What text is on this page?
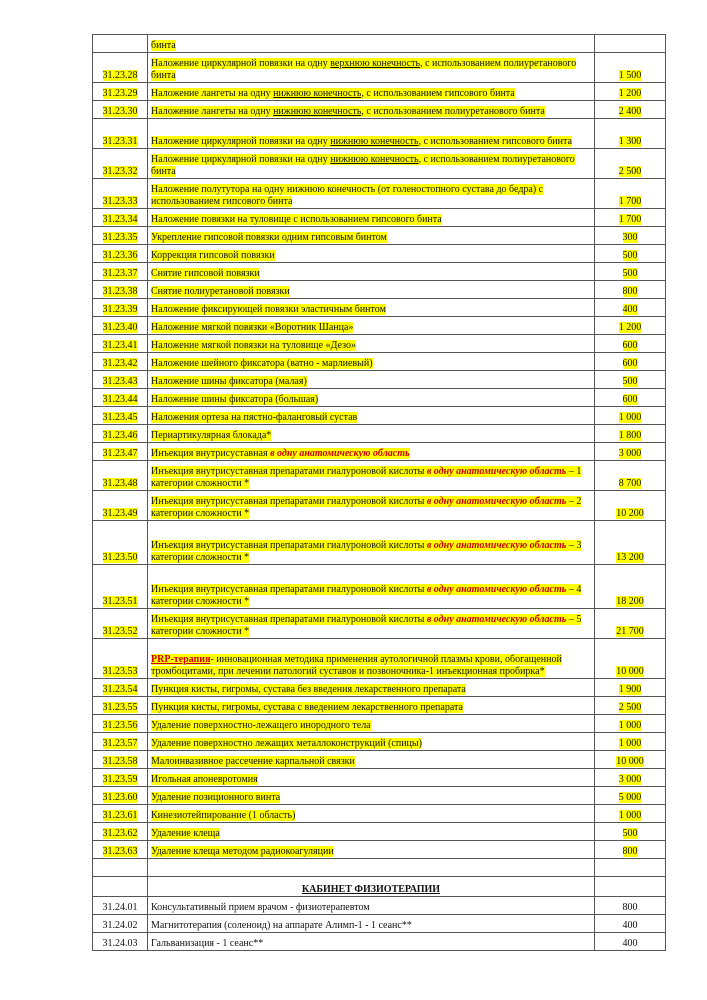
	бинта	
31.23.28	Наложение циркулярной повязки на одну верхнюю конечность, с использованием полиуретанового бинта	1 500
31.23.29	Наложение лангеты на одну нижнюю конечность, с использованием гипсового бинта	1 200
31.23.30	Наложение лангеты на одну нижнюю конечность, с использованием полиуретанового бинта	2 400
31.23.31	Наложение циркулярной повязки на одну нижнюю конечность, с использованием гипсового бинта	1 300
31.23.32	Наложение циркулярной повязки на одну нижнюю конечность, с использованием полиуретанового бинта	2 500
31.23.33	Наложение полутутора на одну нижнюю конечность (от голеностопного сустава до бедра) с использованием гипсового бинта	1 700
31.23.34	Наложение повязки на туловище с использованием гипсового бинта	1 700
31.23.35	Укрепление гипсовой повязки одним гипсовым бинтом	300
31.23.36	Коррекция гипсовой повязки	500
31.23.37	Снятие гипсовой повязки	500
31.23.38	Снятие полиуретановой повязки	800
31.23.39	Наложение фиксирующей повязки эластичным бинтом	400
31.23.40	Наложение мягкой повязки «Воротник Шанца»	1 200
31.23.41	Наложение мягкой повязки на туловище «Дезо»	600
31.23.42	Наложение шейного фиксатора (ватно - марлиевый)	600
31.23.43	Наложение шины фиксатора (малая)	500
31.23.44	Наложение шины фиксатора (большая)	600
31.23.45	Наложения ортеза на пястно-фаланговый сустав	1 000
31.23.46	Периартикулярная блокада*	1 800
31.23.47	Инъекция внутрисуставная в одну анатомическую область	3 000
31.23.48	Инъекция внутрисуставная препаратами гиалуроновой кислоты в одну анатомическую область – 1 категории сложности *	8 700
31.23.49	Инъекция внутрисуставная препаратами гиалуроновой кислоты в одну анатомическую область – 2 категории сложности *	10 200
31.23.50	Инъекция внутрисуставная препаратами гиалуроновой кислоты в одну анатомическую область – 3 категории сложности *	13 200
31.23.51	Инъекция внутрисуставная препаратами гиалуроновой кислоты в одну анатомическую область – 4 категории сложности *	18 200
31.23.52	Инъекция внутрисуставная препаратами гиалуроновой кислоты в одну анатомическую область – 5 категории сложности *	21 700
31.23.53	PRP-терапия- инновационная методика применения аутологичной плазмы крови, обогащенной тромбоцитами, при лечении патологий суставов и позвоночника-1 инъекционная пробирка*	10 000
31.23.54	Пункция кисты, гигромы, сустава без введения лекарственного препарата	1 900
31.23.55	Пункция кисты, гигромы, сустава с введением лекарственного препарата	2 500
31.23.56	Удаление поверхностно-лежащего инородного тела	1 000
31.23.57	Удаление поверхностно лежащих металлоконструкций (спицы)	1 000
31.23.58	Малоинвазивное рассечение карпальной связки	10 000
31.23.59	Игольная апоневротомия	3 000
31.23.60	Удаление позиционного винта	5 000
31.23.61	Кинезиотейпирование (1 область)	1 000
31.23.62	Удаление клеща	500
31.23.63	Удаление клеща методом радиокоагуляции	800

	КАБИНЕТ ФИЗИОТЕРАПИИ	
31.24.01	Консультативный прием врачом - физиотерапевтом	800
31.24.02	Магнитотерапия (соленоид) на аппарате Алимп-1 - 1 сеанс**	400
31.24.03	Гальванизация - 1 сеанс**	400
